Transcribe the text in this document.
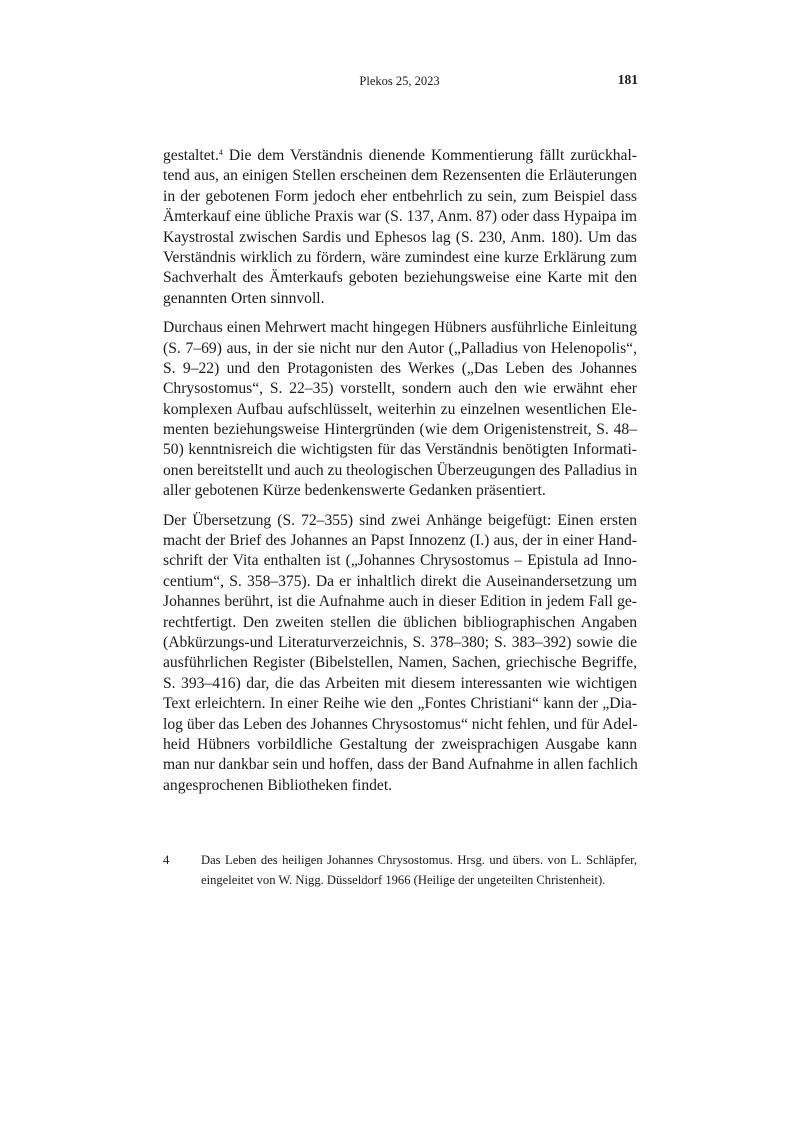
Plekos 25, 2023	181
gestaltet.$^4$ Die dem Verständnis dienende Kommentierung fällt zurückhal-
tend aus, an einigen Stellen erscheinen dem Rezensenten die Erläuterungen
in der gebotenen Form jedoch eher entbehrlich zu sein, zum Beispiel dass
Ämterkauf eine übliche Praxis war (S. 137, Anm. 87) oder dass Hypaipa im
Kaystrostal zwischen Sardis und Ephesos lag (S. 230, Anm. 180). Um das
Verständnis wirklich zu fördern, wäre zumindest eine kurze Erklärung zum
Sachverhalt des Ämterkaufs geboten beziehungsweise eine Karte mit den
genannten Orten sinnvoll.
Durchaus einen Mehrwert macht hingegen Hübners ausführliche Einleitung
(S. 7–69) aus, in der sie nicht nur den Autor („Palladius von Helenopolis“,
S. 9–22) und den Protagonisten des Werkes („Das Leben des Johannes
Chrysostomus“, S. 22–35) vorstellt, sondern auch den wie erwähnt eher
komplexen Aufbau aufschlüsselt, weiterhin zu einzelnen wesentlichen Ele-
menten beziehungsweise Hintergründen (wie dem Origenistenstreit, S. 48–
50) kenntnisreich die wichtigsten für das Verständnis benötigten Informati-
onen bereitstellt und auch zu theologischen Überzeugungen des Palladius in
aller gebotenen Kürze bedenkenswerte Gedanken präsentiert.
Der Übersetzung (S. 72–355) sind zwei Anhänge beigefügt: Einen ersten
macht der Brief des Johannes an Papst Innozenz (I.) aus, der in einer Hand-
schrift der Vita enthalten ist („Johannes Chrysostomus – Epistula ad Inno-
centium“, S. 358–375). Da er inhaltlich direkt die Auseinandersetzung um
Johannes berührt, ist die Aufnahme auch in dieser Edition in jedem Fall ge-
rechtfertigt. Den zweiten stellen die üblichen bibliographischen Angaben
(Abkürzungs-und Literaturverzeichnis, S. 378–380; S. 383–392) sowie die
ausführlichen Register (Bibelstellen, Namen, Sachen, griechische Begriffe,
S. 393–416) dar, die das Arbeiten mit diesem interessanten wie wichtigen
Text erleichtern. In einer Reihe wie den „Fontes Christiani“ kann der „Dia-
log über das Leben des Johannes Chrysostomus“ nicht fehlen, und für Adel-
heid Hübners vorbildliche Gestaltung der zweisprachigen Ausgabe kann
man nur dankbar sein und hoffen, dass der Band Aufnahme in allen fachlich
angesprochenen Bibliotheken findet.
4	Das Leben des heiligen Johannes Chrysostomus. Hrsg. und übers. von L. Schläpfer,
eingeleitet von W. Nigg. Düsseldorf 1966 (Heilige der ungeteilten Christenheit).
